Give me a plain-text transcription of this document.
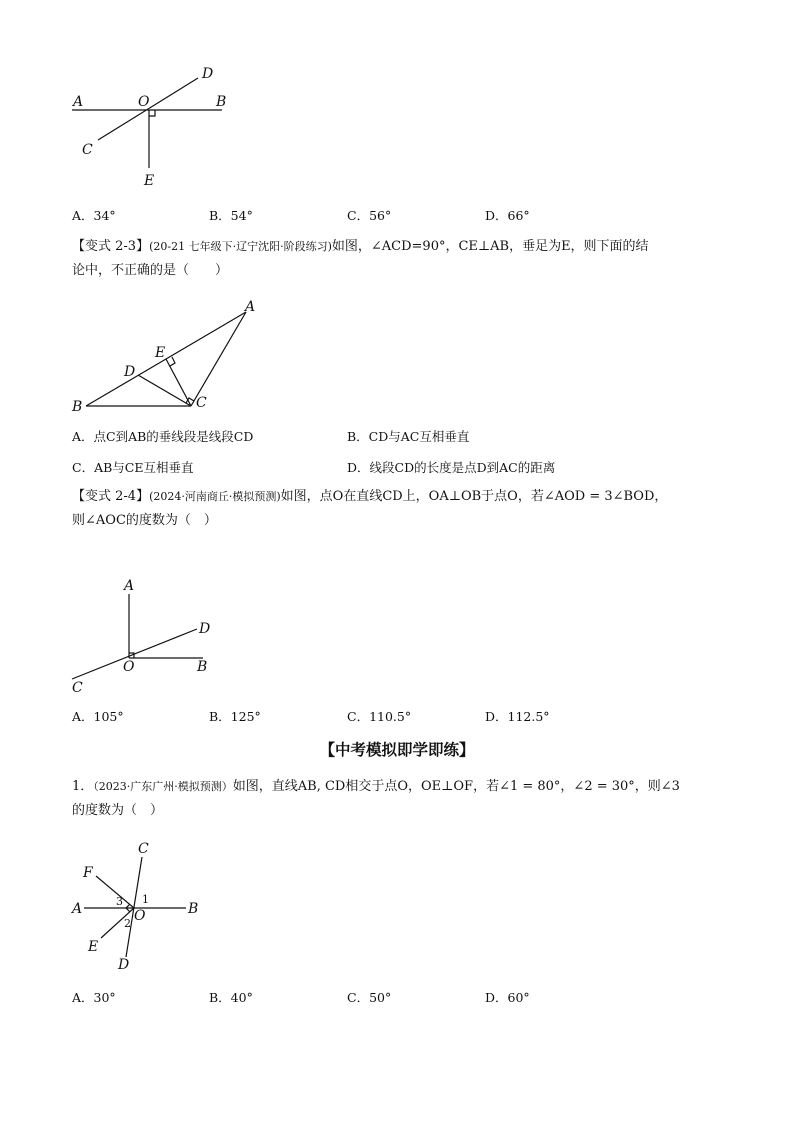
A	O	B
C
D
E
A．34°	B．54°	C．56°	D．66°
【变式 2-3】(20-21 七年级下·辽宁沈阳·阶段练习)如图，∠ACD=90°，CE⊥AB，垂足为E，则下面的结
论中，不正确的是（　　）
A
E
D
B	C
A．点C到AB的垂线段是线段CD	B．CD与AC互相垂直
C．AB与CE互相垂直	D．线段CD的长度是点D到AC的距离
【变式 2-4】(2024·河南商丘·模拟预测)如图，点O在直线CD上，OA⊥OB于点O，若∠AOD = 3∠BOD，
则∠AOC的度数为（　）
A
D
O	B
C
A．105°	B．125°	C．110.5°	D．112.5°
【中考模拟即学即练】
1．（2023·广东广州·模拟预测）如图，直线AB, CD相交于点O，OE⊥OF，若∠1 = 80°，∠2 = 30°，则∠3
的度数为（　）
C
F
A	O	B
E
D
1
2
3
A．30°	B．40°	C．50°	D．60°
